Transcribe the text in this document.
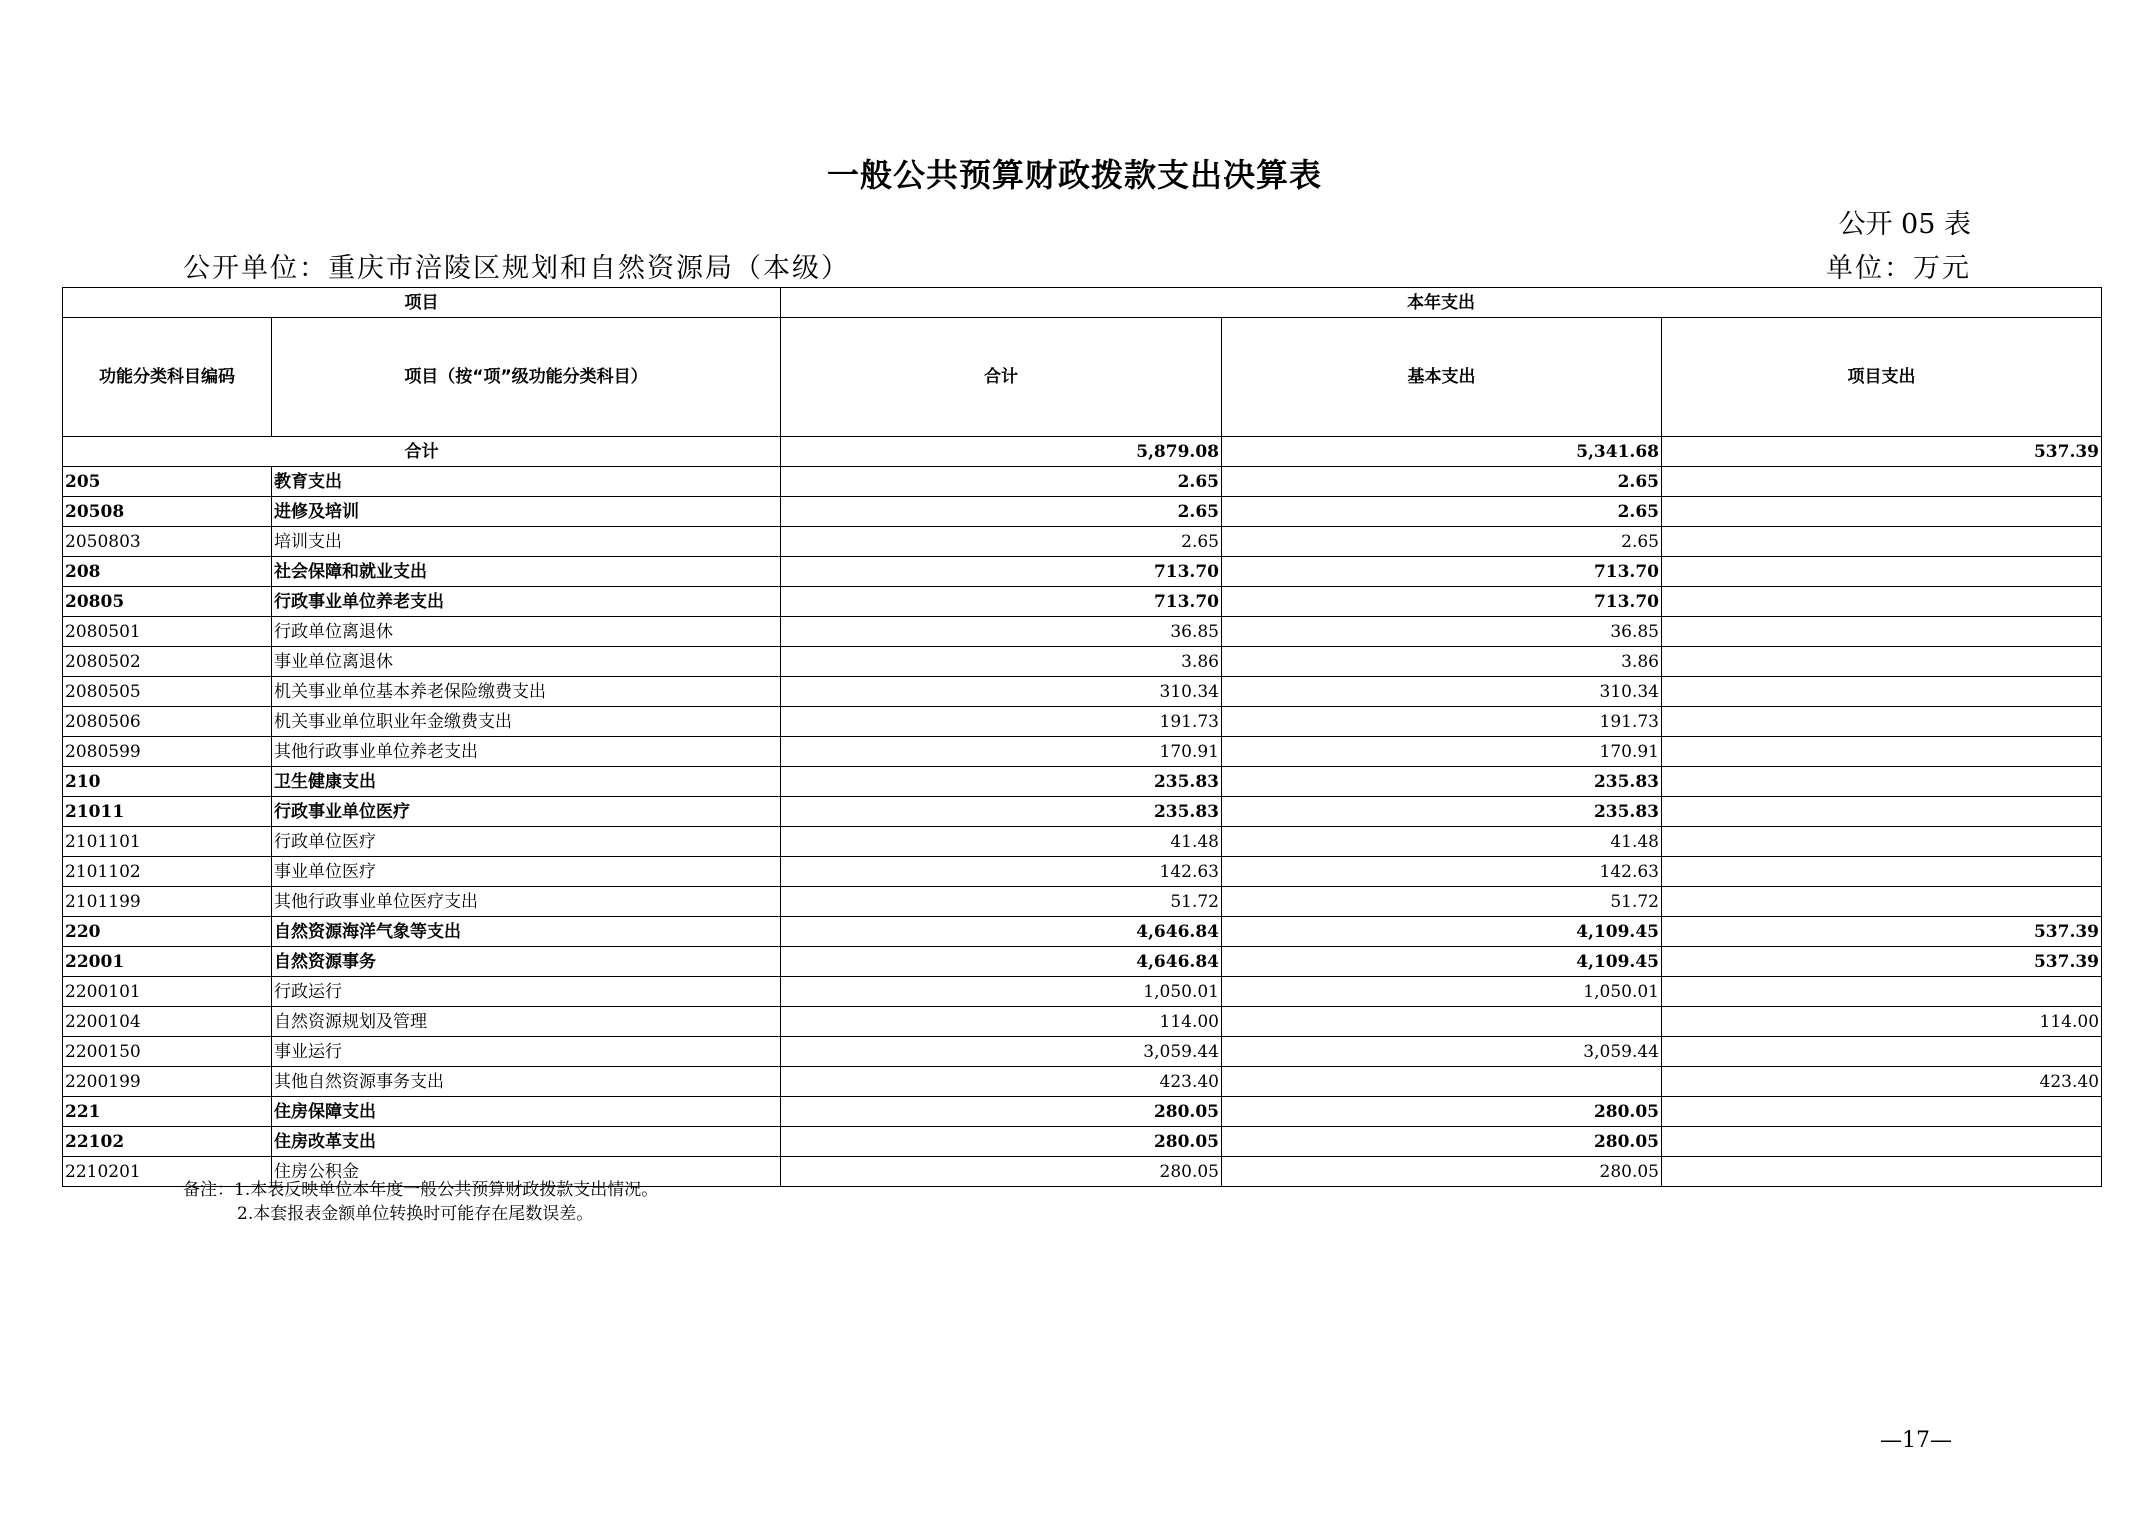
一般公共预算财政拨款支出决算表
公开 05 表
公开单位：重庆市涪陵区规划和自然资源局（本级）	单位：万元
项目		本年支出		
功能分类科目编码	项目（按“项”级功能分类科目）	合计	基本支出	项目支出
合计		5,879.08	5,341.68	537.39
205	教育支出	2.65	2.65	
20508	进修及培训	2.65	2.65	
2050803	培训支出	2.65	2.65	
208	社会保障和就业支出	713.70	713.70	
20805	行政事业单位养老支出	713.70	713.70	
2080501	行政单位离退休	36.85	36.85	
2080502	事业单位离退休	3.86	3.86	
2080505	机关事业单位基本养老保险缴费支出	310.34	310.34	
2080506	机关事业单位职业年金缴费支出	191.73	191.73	
2080599	其他行政事业单位养老支出	170.91	170.91	
210	卫生健康支出	235.83	235.83	
21011	行政事业单位医疗	235.83	235.83	
2101101	行政单位医疗	41.48	41.48	
2101102	事业单位医疗	142.63	142.63	
2101199	其他行政事业单位医疗支出	51.72	51.72	
220	自然资源海洋气象等支出	4,646.84	4,109.45	537.39
22001	自然资源事务	4,646.84	4,109.45	537.39
2200101	行政运行	1,050.01	1,050.01	
2200104	自然资源规划及管理	114.00		114.00
2200150	事业运行	3,059.44	3,059.44	
2200199	其他自然资源事务支出	423.40		423.40
221	住房保障支出	280.05	280.05	
22102	住房改革支出	280.05	280.05	
2210201	住房公积金	280.05	280.05	
备注：1.本表反映单位本年度一般公共预算财政拨款支出情况。
2.本套报表金额单位转换时可能存在尾数误差。
—17—
